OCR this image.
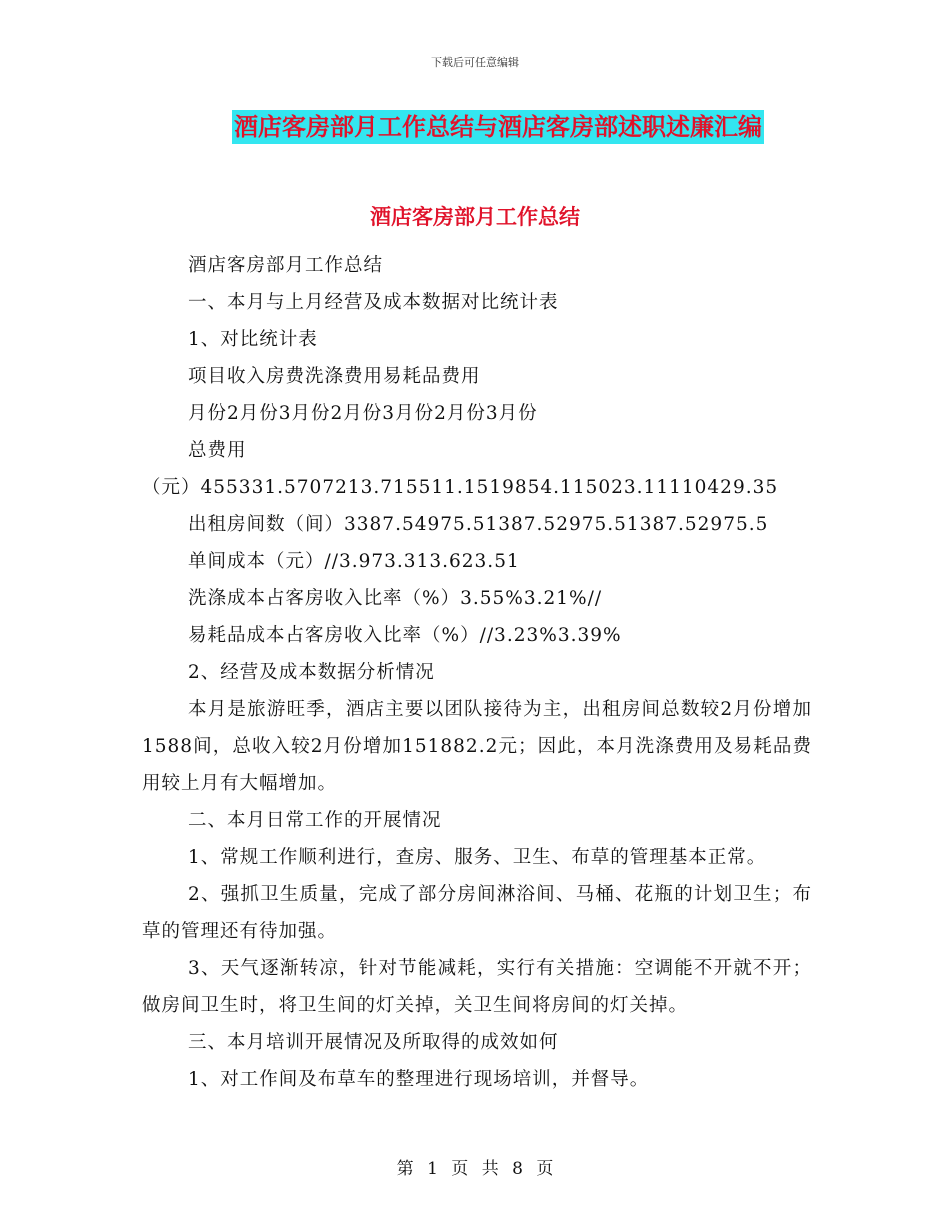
下载后可任意编辑
酒店客房部月工作总结与酒店客房部述职述廉汇编
酒店客房部月工作总结

酒店客房部月工作总结

一、本月与上月经营及成本数据对比统计表

1、对比统计表

项目收入房费洗涤费用易耗品费用

月份2月份3月份2月份3月份2月份3月份

总费用

（元）455331.5707213.715511.1519854.115023.11110429.35

出租房间数（间）3387.54975.51387.52975.51387.52975.5

单间成本（元）//3.973.313.623.51

洗涤成本占客房收入比率（%）3.55%3.21%//

易耗品成本占客房收入比率（%）//3.23%3.39%

2、经营及成本数据分析情况

本月是旅游旺季，酒店主要以团队接待为主，出租房间总数较2月份增加1588间，总收入较2月份增加151882.2元；因此，本月洗涤费用及易耗品费用较上月有大幅增加。

二、本月日常工作的开展情况

1、常规工作顺利进行，查房、服务、卫生、布草的管理基本正常。

2、强抓卫生质量，完成了部分房间淋浴间、马桶、花瓶的计划卫生；布草的管理还有待加强。

3、天气逐渐转凉，针对节能减耗，实行有关措施：空调能不开就不开；做房间卫生时，将卫生间的灯关掉，关卫生间将房间的灯关掉。

三、本月培训开展情况及所取得的成效如何

1、对工作间及布草车的整理进行现场培训，并督导。

第 1 页 共 8 页
